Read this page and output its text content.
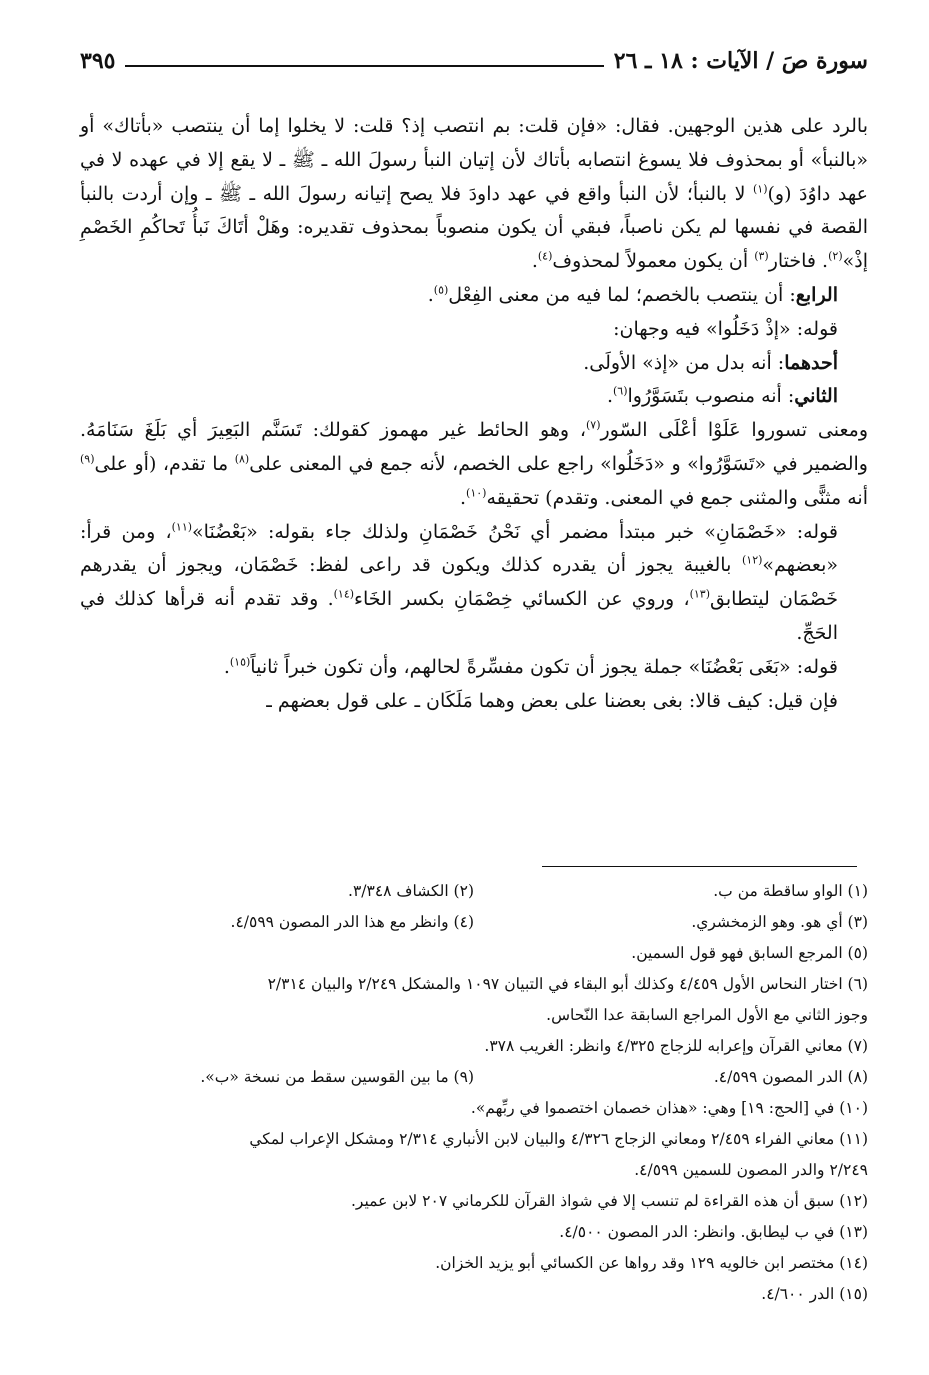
سورة صَ / الآيات : ١٨ ـ ٢٦
٣٩٥

بالرد على هذين الوجهين. فقال: «فإن قلت: بم انتصب إذ؟ قلت: لا يخلوا إما أن ينتصب «بأتاك» أو «بالنبأ» أو بمحذوف فلا يسوغ انتصابه بأتاك لأن إتيان النبأ رسولَ الله ـ ﷺ ـ لا يقع إلا في عهده لا في عهد داوُدَ (و)$^{(١)}$ لا بالنبأ؛ لأن النبأ واقع في عهد داودَ فلا يصح إتيانه رسولَ الله ـ ﷺ ـ وإن أردت بالنبأ القصة في نفسها لم يكن ناصباً، فبقي أن يكون منصوباً بمحذوف تقديره: وهَلْ أتَاكَ نَبأُ تَحاكُمِ الخَصْمِ إذْ»$^{(٢)}$. فاختار$^{(٣)}$ أن يكون معمولاً لمحذوف$^{(٤)}$.

الرابع: أن ينتصب بالخصم؛ لما فيه من معنى الفِعْل$^{(٥)}$.

قوله: «إذْ دَخَلُوا» فيه وجهان:

أحدهما: أنه بدل من «إذ» الأولَى.

الثاني: أنه منصوب بتَسَوَّرُوا$^{(٦)}$.

ومعنى تسوروا عَلَوْا أعْلَى السّور$^{(٧)}$، وهو الحائط غير مهموز كقولك: تَسَنَّم البَعِيرَ أي بَلَغَ سَنَامَهُ. والضمير في «تَسَوَّرُوا» و «دَخَلُوا» راجع على الخصم، لأنه جمع في المعنى على$^{(٨)}$ ما تقدم، (أو على$^{(٩)}$ أنه مثنًّى والمثنى جمع في المعنى. وتقدم) تحقيقه$^{(١٠)}$.

قوله: «خَصْمَانِ» خبر مبتدأ مضمر أي نَحْنُ خَصْمَانِ ولذلك جاء بقوله: «بَعْضُنَا»$^{(١١)}$، ومن قرأ: «بعضهم»$^{(١٢)}$ بالغيبة يجوز أن يقدره كذلك ويكون قد راعى لفظ: خَصْمَان، ويجوز أن يقدرهم خَصْمَان ليتطابق$^{(١٣)}$، وروي عن الكسائي خِصْمَانِ بكسر الخَاء$^{(١٤)}$. وقد تقدم أنه قرأها كذلك في الحَجِّ.

قوله: «بَغَى بَعْضُنَا» جملة يجوز أن تكون مفسِّرةً لحالهم، وأن تكون خبراً ثانياً$^{(١٥)}$.

فإن قيل: كيف قالا: بغى بعضنا على بعض وهما مَلَكَان ـ على قول بعضهم ـ

(١) الواو ساقطة من ب.
(٢) الكشاف ٣/٣٤٨.
(٣) أي هو. وهو الزمخشري.
(٤) وانظر مع هذا الدر المصون ٤/٥٩٩.
(٥) المرجع السابق فهو قول السمين.
(٦) اختار النحاس الأول ٤/٤٥٩ وكذلك أبو البقاء في التبيان ١٠٩٧ والمشكل ٢/٢٤٩ والبيان ٢/٣١٤
وجوز الثاني مع الأول المراجع السابقة عدا النّحاس.
(٧) معاني القرآن وإعرابه للزجاج ٤/٣٢٥ وانظر: الغريب ٣٧٨.
(٨) الدر المصون ٤/٥٩٩.
(٩) ما بين القوسين سقط من نسخة «ب».
(١٠) في [الحج: ١٩] وهي: «هذان خصمان اختصموا في ربِّهم».
(١١) معاني الفراء ٢/٤٥٩ ومعاني الزجاج ٤/٣٢٦ والبيان لابن الأنباري ٢/٣١٤ ومشكل الإعراب لمكي
٢/٢٤٩ والدر المصون للسمين ٤/٥٩٩.
(١٢) سبق أن هذه القراءة لم تنسب إلا في شواذ القرآن للكرماني ٢٠٧ لابن عمير.
(١٣) في ب ليطابق. وانظر: الدر المصون ٤/٥٠٠.
(١٤) مختصر ابن خالويه ١٢٩ وقد رواها عن الكسائي أبو يزيد الخزان.
(١٥) الدر ٤/٦٠٠.
